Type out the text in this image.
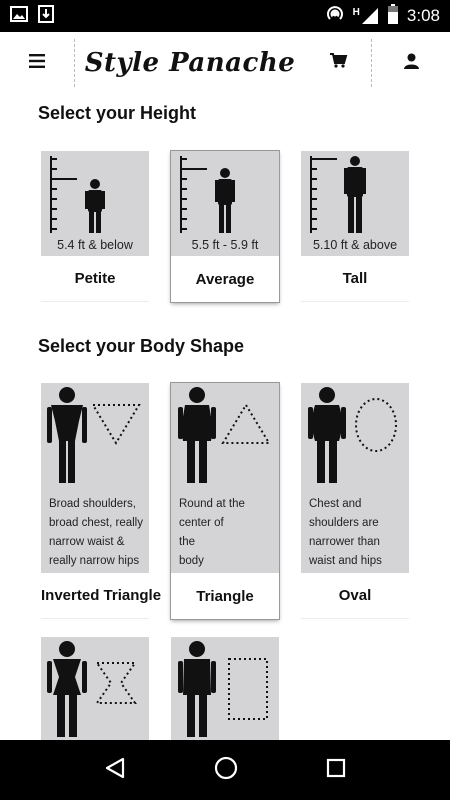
H	3:08
Style Panache
Select your Height
5.4 ft & below
Petite
5.5 ft - 5.9 ft
Average
5.10 ft & above
Tall
Select your Body Shape
Broad shoulders,
broad chest, really
narrow waist &
really narrow hips
Inverted Triangle
Round at the
center of
the
body
Triangle
Chest and
shoulders are
narrower than
waist and hips
Oval
